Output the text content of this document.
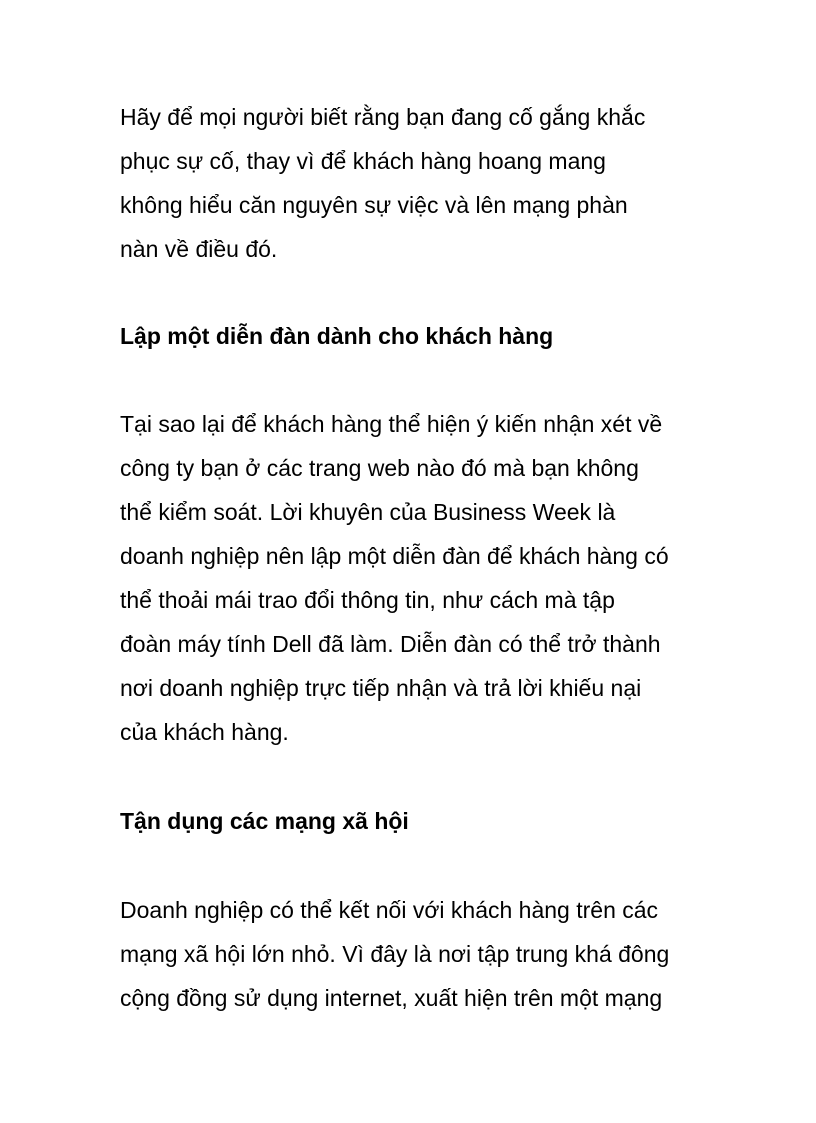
Hãy để mọi người biết rằng bạn đang cố gắng khắc

phục sự cố, thay vì để khách hàng hoang mang

không hiểu căn nguyên sự việc và lên mạng phàn

nàn về điều đó.

Lập một diễn đàn dành cho khách hàng

Tại sao lại để khách hàng thể hiện ý kiến nhận xét về

công ty bạn ở các trang web nào đó mà bạn không

thể kiểm soát. Lời khuyên của Business Week là

doanh nghiệp nên lập một diễn đàn để khách hàng có

thể thoải mái trao đổi thông tin, như cách mà tập

đoàn máy tính Dell đã làm. Diễn đàn có thể trở thành

nơi doanh nghiệp trực tiếp nhận và trả lời khiếu nại

của khách hàng.

Tận dụng các mạng xã hội

Doanh nghiệp có thể kết nối với khách hàng trên các

mạng xã hội lớn nhỏ. Vì đây là nơi tập trung khá đông

cộng đồng sử dụng internet, xuất hiện trên một mạng
